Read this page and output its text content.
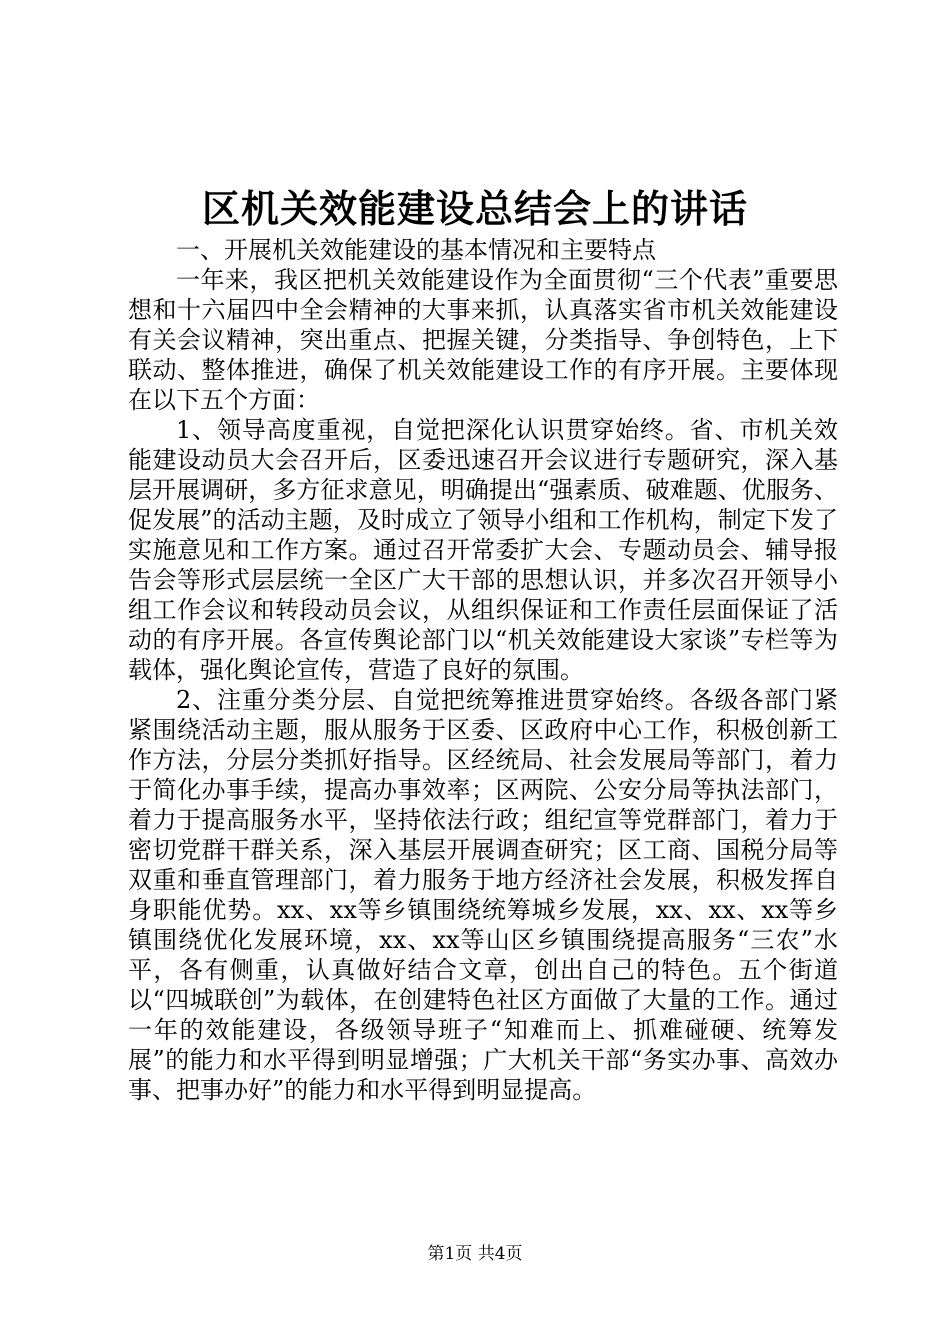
区机关效能建设总结会上的讲话

一、开展机关效能建设的基本情况和主要特点

一年来，我区把机关效能建设作为全面贯彻“三个代表”重要思想和十六届四中全会精神的大事来抓，认真落实省市机关效能建设有关会议精神，突出重点、把握关键，分类指导、争创特色，上下联动、整体推进，确保了机关效能建设工作的有序开展。主要体现在以下五个方面：

1、领导高度重视，自觉把深化认识贯穿始终。省、市机关效能建设动员大会召开后，区委迅速召开会议进行专题研究，深入基层开展调研，多方征求意见，明确提出“强素质、破难题、优服务、促发展”的活动主题，及时成立了领导小组和工作机构，制定下发了实施意见和工作方案。通过召开常委扩大会、专题动员会、辅导报告会等形式层层统一全区广大干部的思想认识，并多次召开领导小组工作会议和转段动员会议，从组织保证和工作责任层面保证了活动的有序开展。各宣传舆论部门以“机关效能建设大家谈”专栏等为载体，强化舆论宣传，营造了良好的氛围。

2、注重分类分层、自觉把统筹推进贯穿始终。各级各部门紧紧围绕活动主题，服从服务于区委、区政府中心工作，积极创新工作方法，分层分类抓好指导。区经统局、社会发展局等部门，着力于简化办事手续，提高办事效率；区两院、公安分局等执法部门，着力于提高服务水平，坚持依法行政；组纪宣等党群部门，着力于密切党群干群关系，深入基层开展调查研究；区工商、国税分局等双重和垂直管理部门，着力服务于地方经济社会发展，积极发挥自身职能优势。xx、xx等乡镇围绕统筹城乡发展，xx、xx、xx等乡镇围绕优化发展环境，xx、xx等山区乡镇围绕提高服务“三农”水平，各有侧重，认真做好结合文章，创出自己的特色。五个街道以“四城联创”为载体，在创建特色社区方面做了大量的工作。通过一年的效能建设，各级领导班子“知难而上、抓难碰硬、统筹发展”的能力和水平得到明显增强；广大机关干部“务实办事、高效办事、把事办好”的能力和水平得到明显提高。

第1页 共4页
